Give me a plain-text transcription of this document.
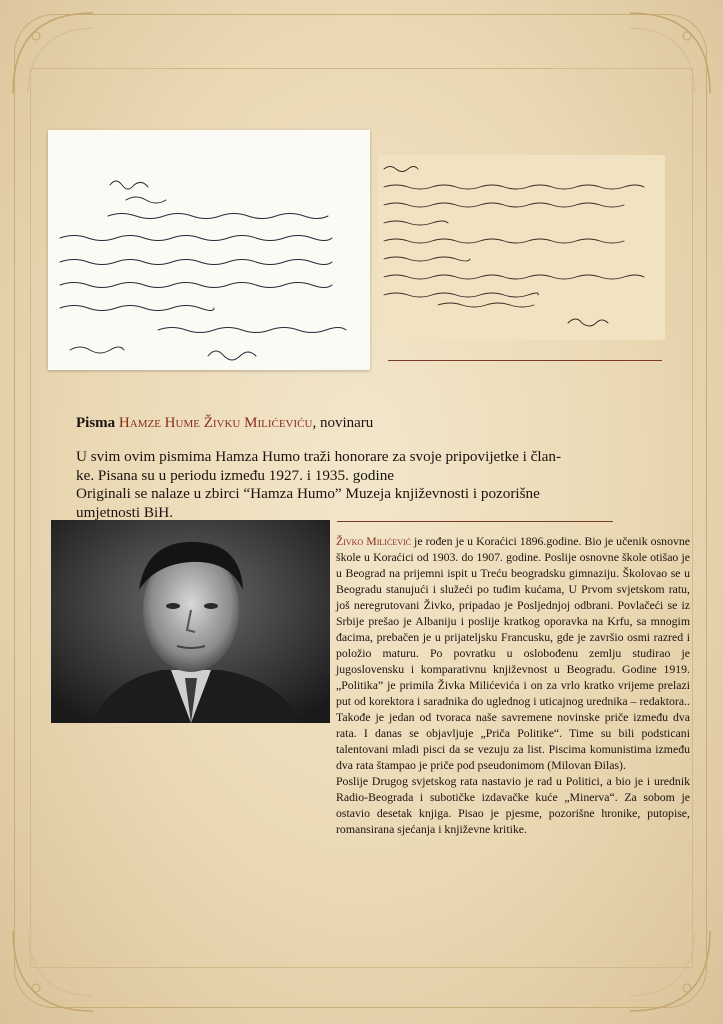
Pisma Hamze Hume Živku Milićeviću, novinaru

U svim ovim pismima Hamza Humo traži honorare za svoje pripovijetke i član-

ke. Pisana su u periodu između 1927. i 1935. godine

Originali se nalaze u zbirci “Hamza Humo” Muzeja književnosti i pozorišne

umjetnosti BiH.

Živko Milićević je rođen je u Koraćici 1896.godine. Bio je učenik osnovne škole u Koraćici od 1903. do 1907. godine. Poslije osnovne škole otišao je u Beograd na prijemni ispit u Treću beogradsku gimnaziju. Školovao se u Beogradu stanujući i služeći po tuđim kućama, U Prvom svjetskom ratu, još neregrutovani Živko, pripadao je Posljednjoj odbrani. Povlačeći se iz Srbije prešao je Albaniju i poslije kratkog oporavka na Krfu, sa mnogim đacima, prebačen je u prijateljsku Francusku, gde je završio osmi razred i položio maturu. Po povratku u oslobođenu zemlju studirao je jugoslovensku i komparativnu književnost u Beogradu. Godine 1919. „Politika” je primila Živka Milićevića i on za vrlo kratko vrijeme prelazi put od korektora i saradnika do uglednog i uticajnog urednika – redaktora.. Takođe je jedan od tvoraca naše savremene novinske priče između dva rata. I danas se objavljuje „Priča Politike“. Time su bili podsticani talentovani mladi pisci da se vezuju za list. Piscima komunistima između dva rata štampao je priče pod pseudonimom (Milovan Đilas).

Poslije Drugog svjetskog rata nastavio je rad u Politici, a bio je i urednik Radio-Beograda i subotičke izdavačke kuće „Minerva“. Za sobom je ostavio desetak knjiga. Pisao je pjesme, pozorišne hronike, putopise, romansirana sjećanja i književne kritike.
